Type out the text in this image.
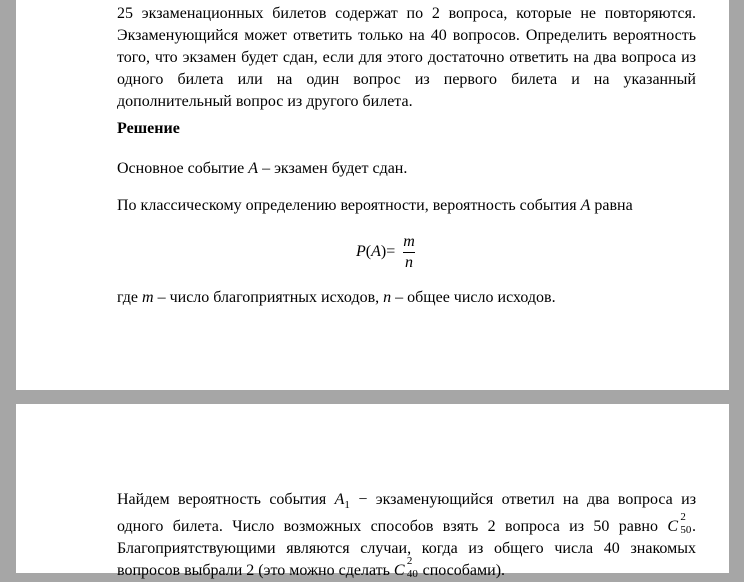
25 экзаменационных билетов содержат по 2 вопроса, которые не повторяются. Экзаменующийся может ответить только на 40 вопросов. Определить вероятность того, что экзамен будет сдан, если для этого достаточно ответить на два вопроса из одного билета или на один вопрос из первого билета и на указанный дополнительный вопрос из другого билета.
Решение
Основное событие A – экзамен будет сдан.
По классическому определению вероятности, вероятность события A равна
P ( A ) = $\frac{m}{n}$
где m – число благоприятных исходов, n – общее число исходов.
Найдем вероятность события $A_1$ − экзаменующийся ответил на два вопроса из одного билета. Число возможных способов взять 2 вопроса из 50 равно C
2
50 . Благоприятствующими являются случаи, когда из общего числа 40 знакомых вопросов выбрали 2 (это можно сделать C
2
40 способами).
